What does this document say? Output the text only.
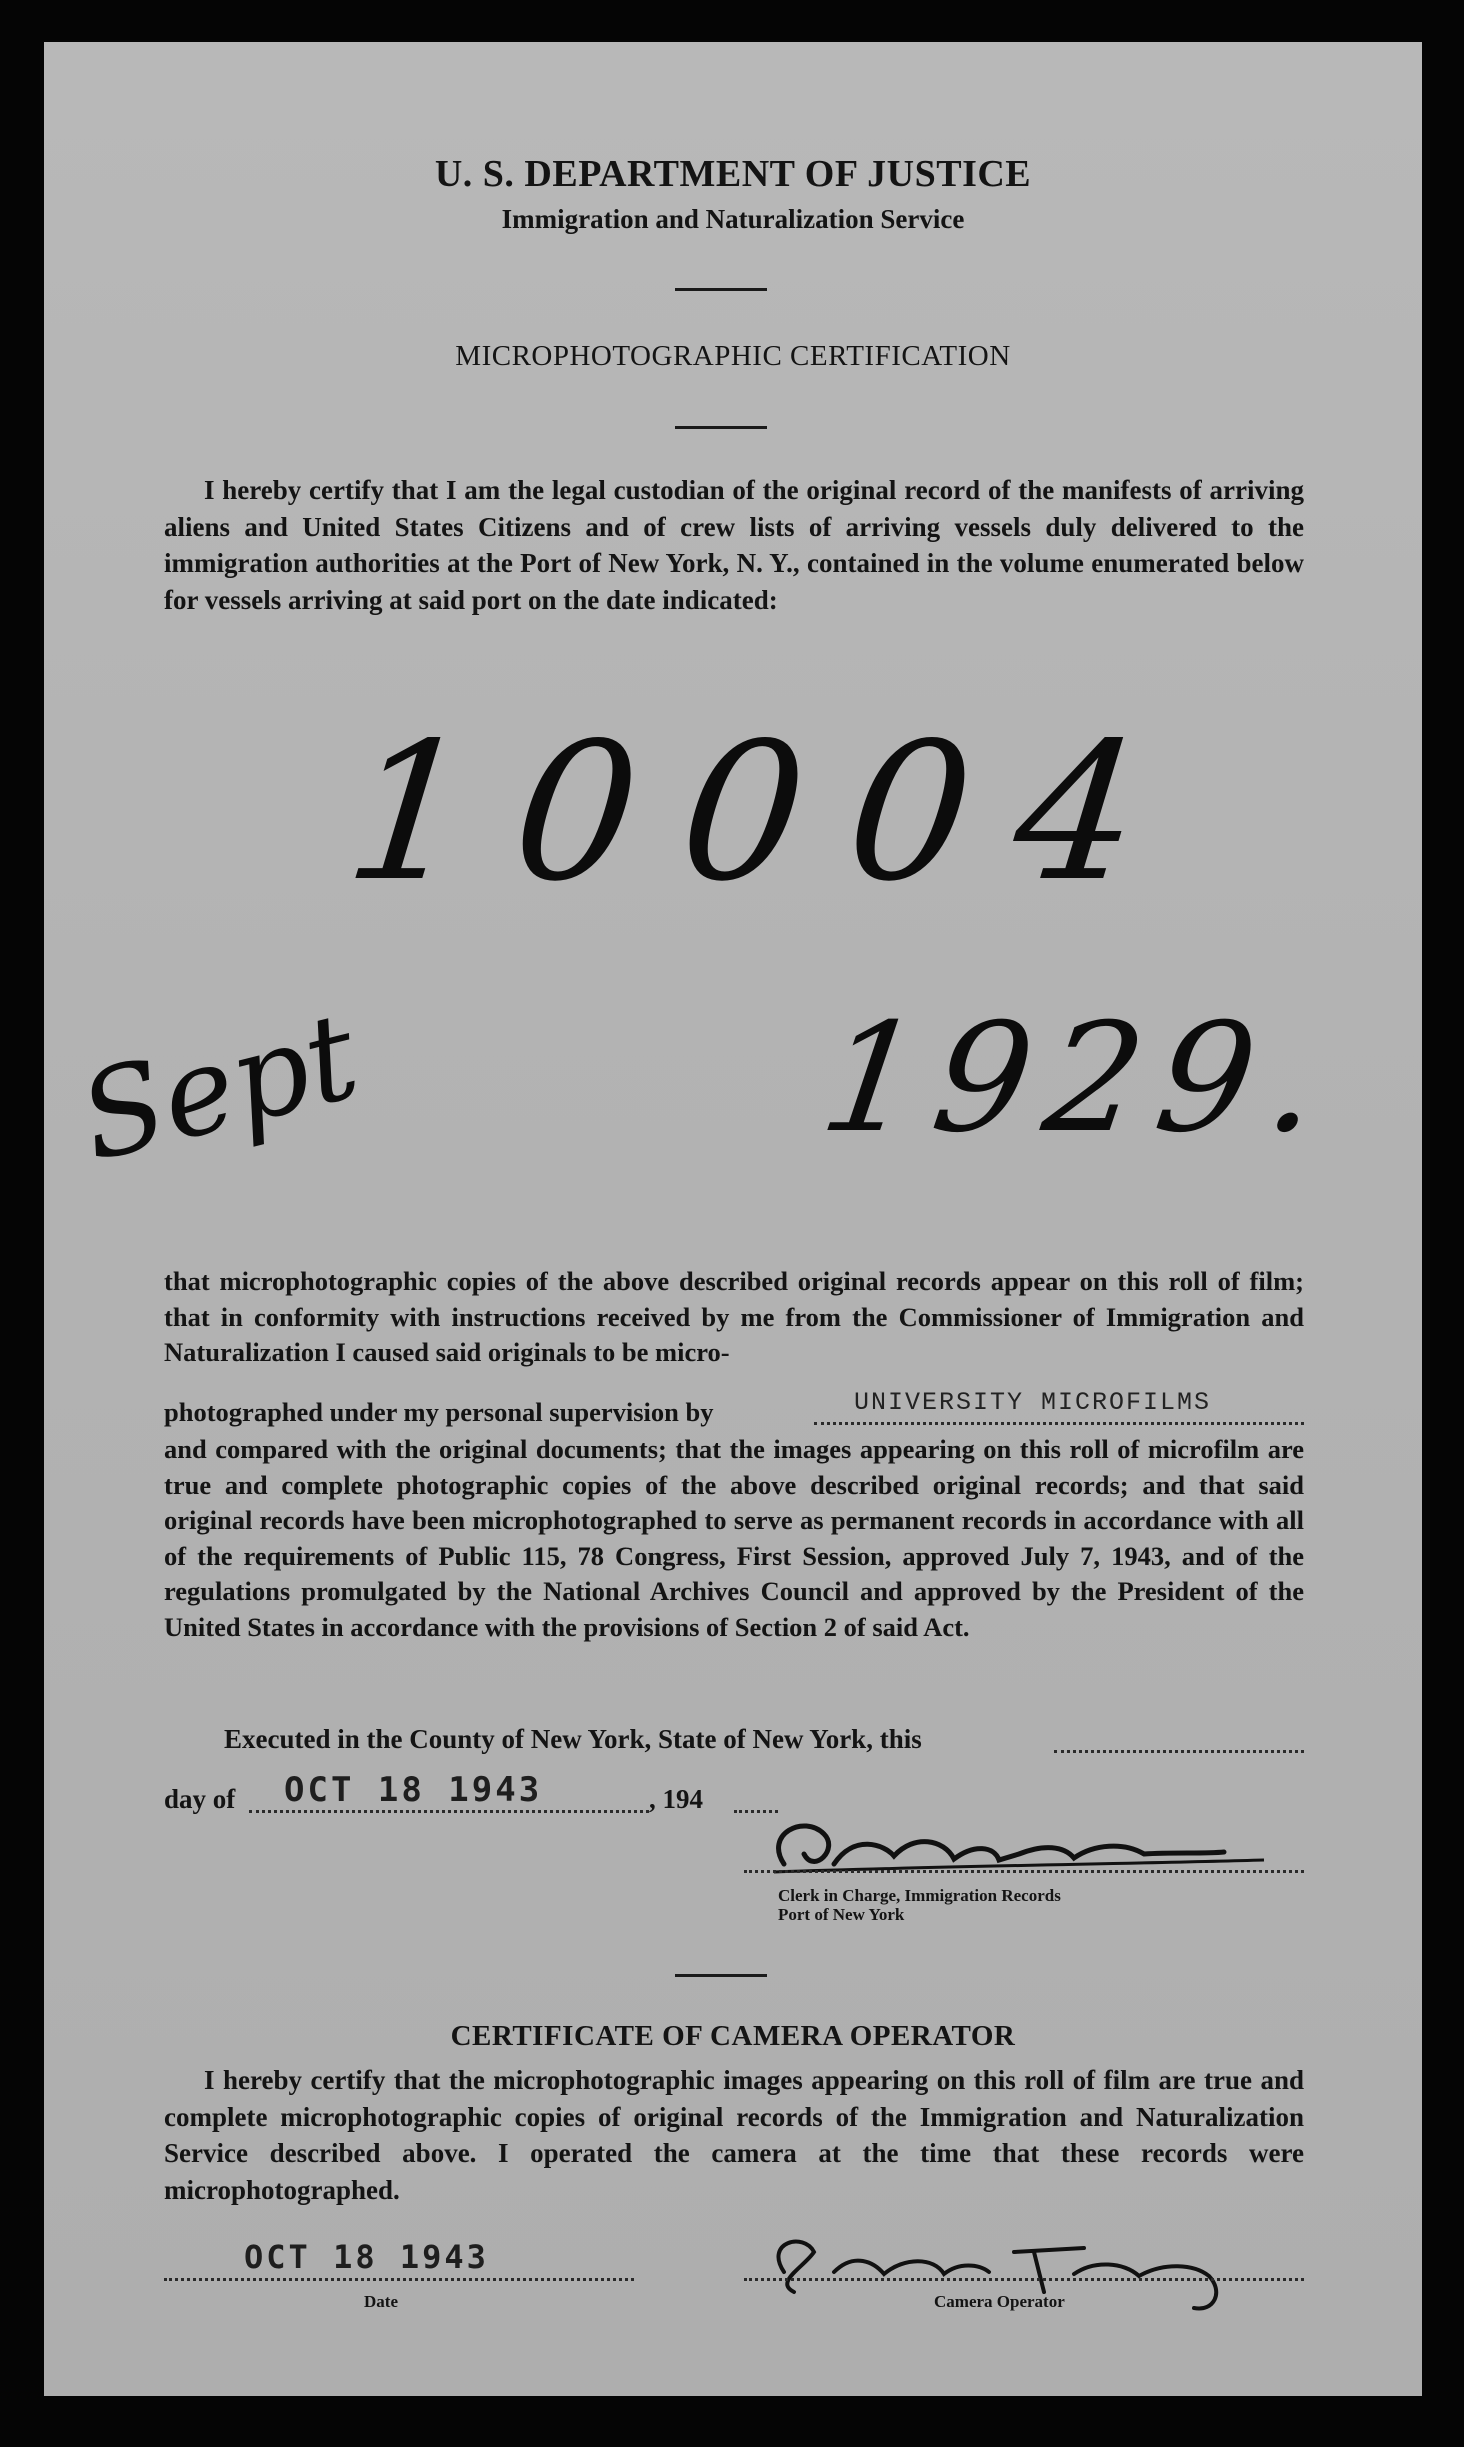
U. S. DEPARTMENT OF JUSTICE
Immigration and Naturalization Service
MICROPHOTOGRAPHIC CERTIFICATION

I hereby certify that I am the legal custodian of the original record of the manifests of arriving aliens and United States Citizens and of crew lists of arriving vessels duly delivered to the immigration authorities at the Port of New York, N. Y., contained in the volume enumerated below for vessels arriving at said port on the date indicated:

10004
Sept	1929.

that microphotographic copies of the above described original records appear on this roll of film; that in conformity with instructions received by me from the Commissioner of Immigration and Naturalization I caused said originals to be micro-

photographed under my personal supervision by	UNIVERSITY MICROFILMS

and compared with the original documents; that the images appearing on this roll of microfilm are true and complete photographic copies of the above described original records; and that said original records have been microphotographed to serve as permanent records in accordance with all of the requirements of Public 115, 78 Congress, First Session, approved July 7, 1943, and of the regulations promulgated by the National Archives Council and approved by the President of the United States in accordance with the provisions of Section 2 of said Act.

Executed in the County of New York, State of New York, this
day of OCT 18 1943	, 194
Clerk in Charge, Immigration Records
Port of New York
CERTIFICATE OF CAMERA OPERATOR

I hereby certify that the microphotographic images appearing on this roll of film are true and complete microphotographic copies of original records of the Immigration and Naturalization Service described above. I operated the camera at the time that these records were microphotographed.

OCT 18 1943
Date	Camera Operator
